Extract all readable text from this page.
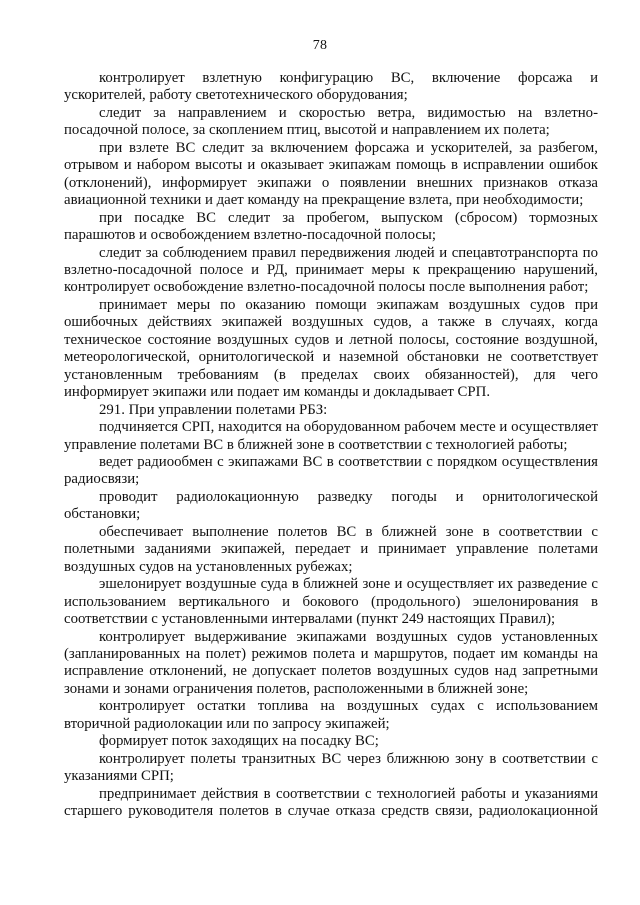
78

контролирует взлетную конфигурацию ВС, включение форсажа и ускорителей, работу светотехнического оборудования;

следит за направлением и скоростью ветра, видимостью на взлетно-посадочной полосе, за скоплением птиц, высотой и направлением их полета;

при взлете ВС следит за включением форсажа и ускорителей, за разбегом, отрывом и набором высоты и оказывает экипажам помощь в исправлении ошибок (отклонений), информирует экипажи о появлении внешних признаков отказа авиационной техники и дает команду на прекращение взлета, при необходимости;

при посадке ВС следит за пробегом, выпуском (сбросом) тормозных парашютов и освобождением взлетно-посадочной полосы;

следит за соблюдением правил передвижения людей и спецавтотранспорта по взлетно-посадочной полосе и РД, принимает меры к прекращению нарушений, контролирует освобождение взлетно-посадочной полосы после выполнения работ;

принимает меры по оказанию помощи экипажам воздушных судов при ошибочных действиях экипажей воздушных судов, а также в случаях, когда техническое состояние воздушных судов и летной полосы, состояние воздушной, метеорологической, орнитологической и наземной обстановки не соответствует установленным требованиям (в пределах своих обязанностей), для чего информирует экипажи или подает им команды и докладывает СРП.

291. При управлении полетами РБЗ:

подчиняется СРП, находится на оборудованном рабочем месте и осуществляет управление полетами ВС в ближней зоне в соответствии с технологией работы;

ведет радиообмен с экипажами ВС в соответствии с порядком осуществления радиосвязи;

проводит радиолокационную разведку погоды и орнитологической обстановки;

обеспечивает выполнение полетов ВС в ближней зоне в соответствии с полетными заданиями экипажей, передает и принимает управление полетами воздушных судов на установленных рубежах;

эшелонирует воздушные суда в ближней зоне и осуществляет их разведение с использованием вертикального и бокового (продольного) эшелонирования в соответствии с установленными интервалами (пункт 249 настоящих Правил);

контролирует выдерживание экипажами воздушных судов установленных (запланированных на полет) режимов полета и маршрутов, подает им команды на исправление отклонений, не допускает полетов воздушных судов над запретными зонами и зонами ограничения полетов, расположенными в ближней зоне;

контролирует остатки топлива на воздушных судах с использованием вторичной радиолокации или по запросу экипажей;

формирует поток заходящих на посадку ВС;

контролирует полеты транзитных ВС через ближнюю зону в соответствии с указаниями СРП;

предпринимает действия в соответствии с технологией работы и указаниями старшего руководителя полетов в случае отказа средств связи, радиолокационной
